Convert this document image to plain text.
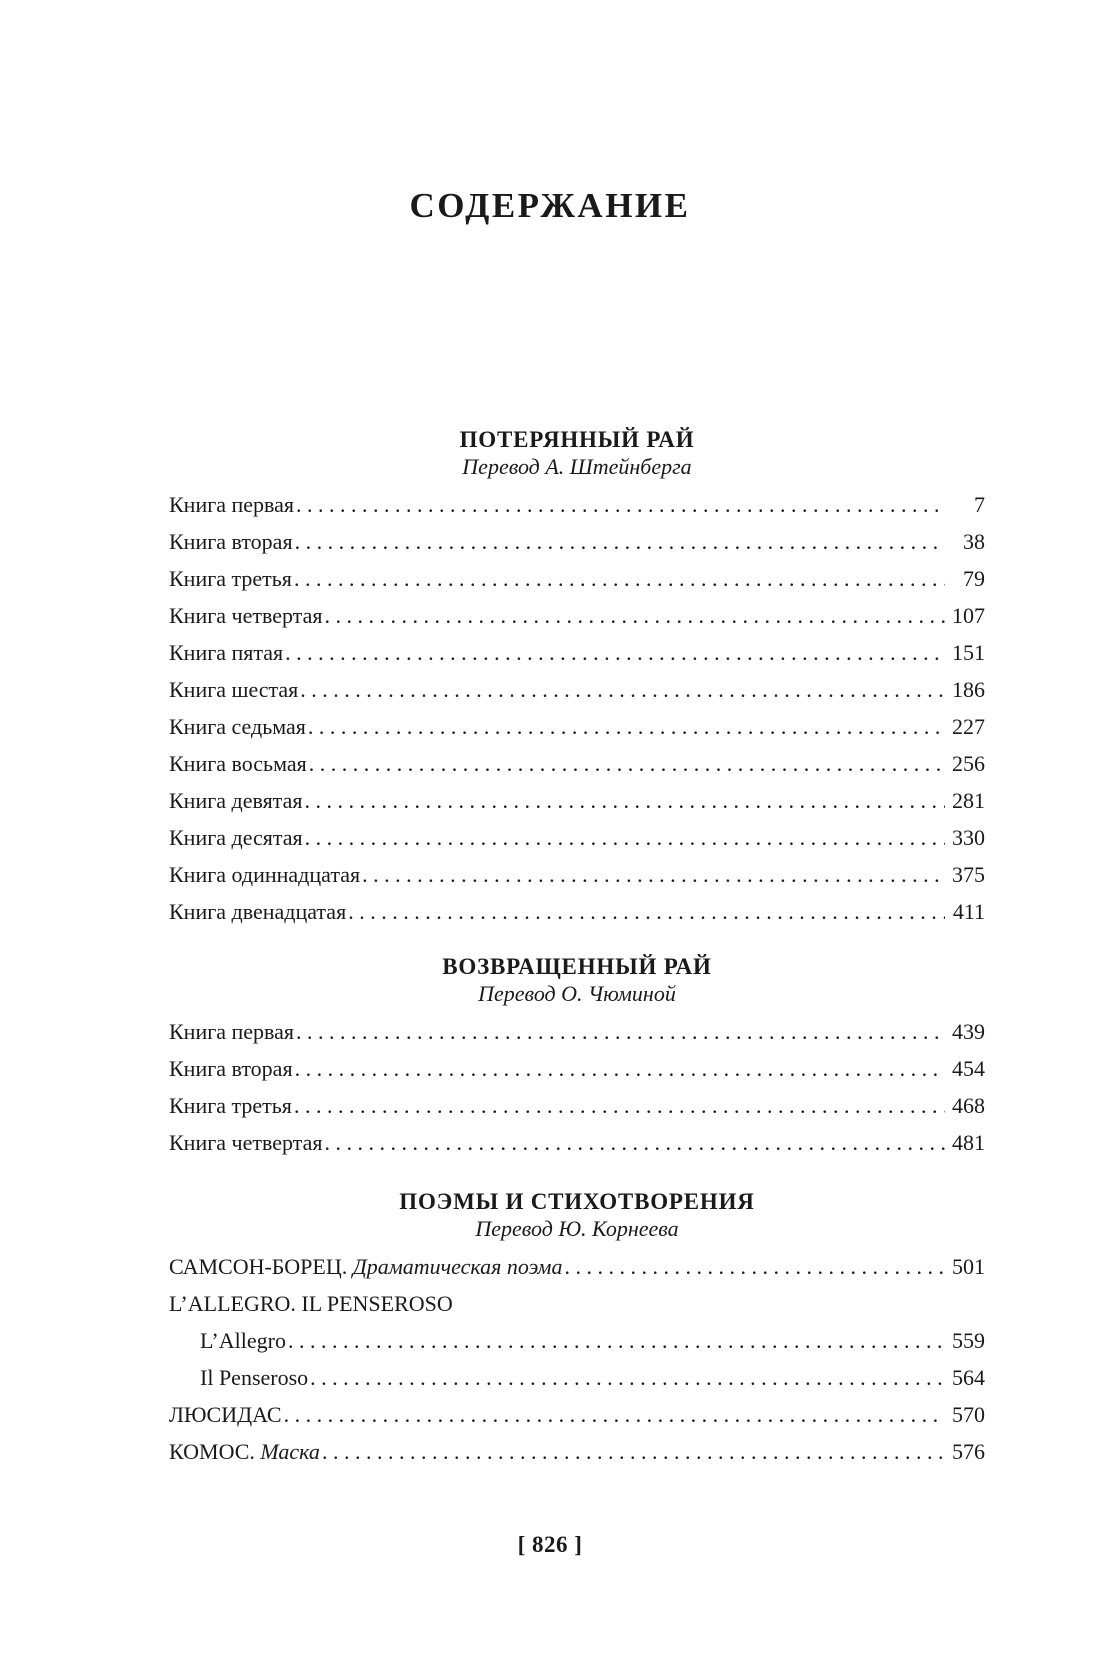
СОДЕРЖАНИЕ

ПОТЕРЯННЫЙ РАЙ

Перевод А. Штейнберга

Книга первая . . .	7
Книга вторая . . .	38
Книга третья . . .	79
Книга четвертая . . .	107
Книга пятая . . .	151
Книга шестая . . .	186
Книга седьмая . . .	227
Книга восьмая . . .	256
Книга девятая . . .	281
Книга десятая . . .	330
Книга одиннадцатая . . .	375
Книга двенадцатая . . .	411

ВОЗВРАЩЕННЫЙ РАЙ

Перевод О. Чюминой

Книга первая . . .	439
Книга вторая . . .	454
Книга третья . . .	468
Книга четвертая . . .	481

ПОЭМЫ И СТИХОТВОРЕНИЯ

Перевод Ю. Корнеева

САМСОН-БОРЕЦ. Драматическая поэма . . .	501
L’ALLEGRO. IL PENSEROSO
L’Allegro . . .	559
Il Penseroso . . .	564
ЛЮСИДАС . . .	570
КОМОС. Маска . . .	576
[ 826 ]
